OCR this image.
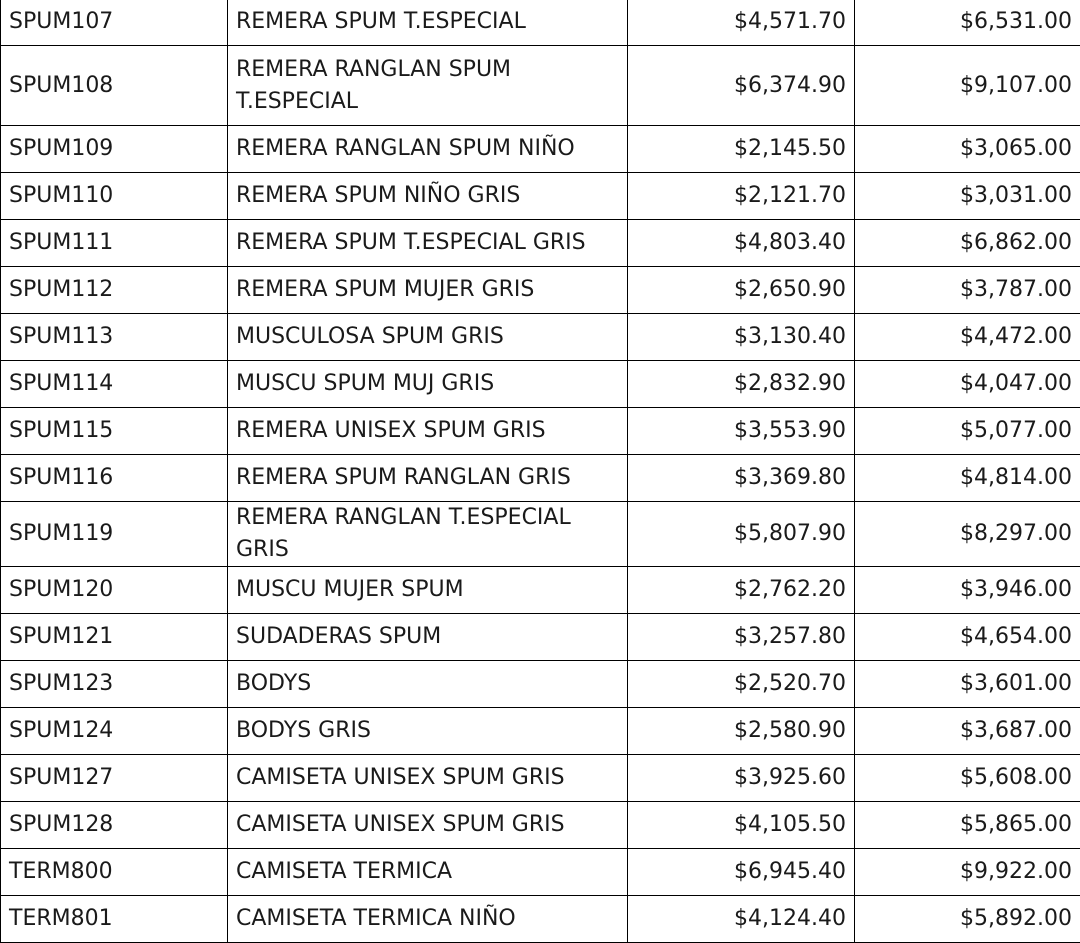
SPUM107	REMERA SPUM T.ESPECIAL	$4,571.70	$6,531.00
SPUM108	REMERA RANGLAN SPUM T.ESPECIAL	$6,374.90	$9,107.00
SPUM109	REMERA RANGLAN SPUM NIÑO	$2,145.50	$3,065.00
SPUM110	REMERA SPUM NIÑO GRIS	$2,121.70	$3,031.00
SPUM111	REMERA SPUM T.ESPECIAL GRIS	$4,803.40	$6,862.00
SPUM112	REMERA SPUM MUJER GRIS	$2,650.90	$3,787.00
SPUM113	MUSCULOSA SPUM GRIS	$3,130.40	$4,472.00
SPUM114	MUSCU SPUM MUJ GRIS	$2,832.90	$4,047.00
SPUM115	REMERA UNISEX SPUM GRIS	$3,553.90	$5,077.00
SPUM116	REMERA SPUM RANGLAN GRIS	$3,369.80	$4,814.00
SPUM119	REMERA RANGLAN T.ESPECIAL GRIS	$5,807.90	$8,297.00
SPUM120	MUSCU MUJER SPUM	$2,762.20	$3,946.00
SPUM121	SUDADERAS SPUM	$3,257.80	$4,654.00
SPUM123	BODYS	$2,520.70	$3,601.00
SPUM124	BODYS GRIS	$2,580.90	$3,687.00
SPUM127	CAMISETA UNISEX SPUM GRIS	$3,925.60	$5,608.00
SPUM128	CAMISETA UNISEX SPUM GRIS	$4,105.50	$5,865.00
TERM800	CAMISETA TERMICA	$6,945.40	$9,922.00
TERM801	CAMISETA TERMICA NIÑO	$4,124.40	$5,892.00
